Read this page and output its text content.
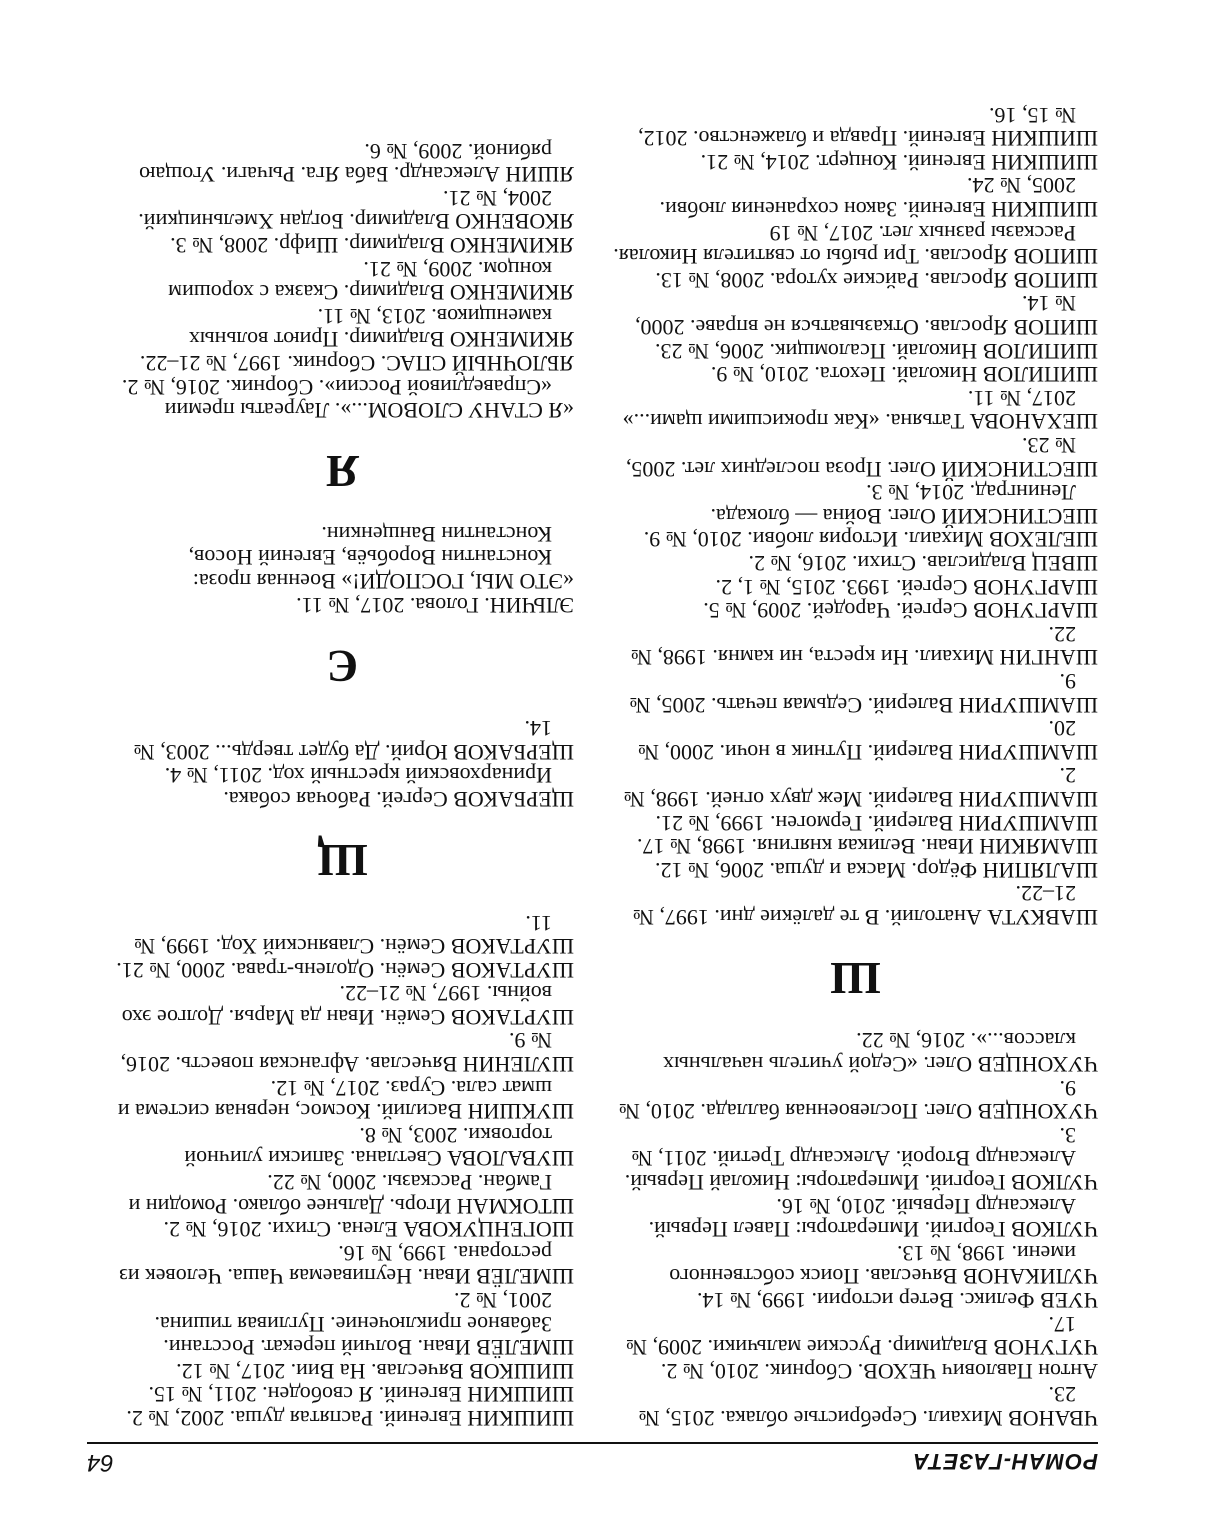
РОМАН-ГАЗЕТА
64

ЧВАНОВ Михаил. Серебристые облака. 2015, № 23.

Антон Павлович ЧЕХОВ. Сборник. 2010, № 2.

ЧУГУНОВ Владимир. Русские мальчики. 2009, № 17.

ЧУЕВ Феликс. Ветер истории. 1999, № 14.

ЧУЛИКАНОВ Вячеслав. Поиск собственного имени. 1998, № 13.

ЧУЛКОВ Георгий. Императоры: Павел Первый. Александр Первый. 2010, № 16.

ЧУЛКОВ Георгий. Императоры: Николай Первый. Александр Второй. Александр Третий. 2011, № 3.

ЧУХОНЦЕВ Олег. Послевоенная баллада. 2010, № 9.

ЧУХОНЦЕВ Олег. «Седой учитель начальных классов...». 2016, № 22.

Ш

ШАВКУТА Анатолий. В те далёкие дни. 1997, № 21–22.

ШАЛЯПИН Фёдор. Маска и душа. 2006, № 12.

ШАМЯКИН Иван. Великая княгиня. 1998, № 17.

ШАМШУРИН Валерий. Гермоген. 1999, № 21.

ШАМШУРИН Валерий. Меж двух огней. 1998, № 2.

ШАМШУРИН Валерий. Путник в ночи. 2000, № 20.

ШАМШУРИН Валерий. Седьмая печать. 2005, № 9.

ШАНГИН Михаил. Ни креста, ни камня. 1998, № 22.

ШАРГУНОВ Сергей. Чародей. 2009, № 5.

ШАРГУНОВ Сергей. 1993. 2015, № 1, 2.

ШВЕЦ Владислав. Стихи. 2016, № 2.

ШЕЛЕХОВ Михаил. История любви. 2010, № 9.

ШЕСТИНСКИЙ Олег. Война — блокада. Ленинград. 2014, № 3.

ШЕСТИНСКИЙ Олег. Проза последних лет. 2005, № 23.

ШЕХАНОВА Татьяна. «Как прокисшими щами...» 2017, № 11.

ШИПИЛОВ Николай. Пехота. 2010, № 9.

ШИПИЛОВ Николай. Псаломщик. 2006, № 23.

ШИПОВ Ярослав. Отказываться не вправе. 2000, № 14.

ШИПОВ Ярослав. Райские хутора. 2008, № 13.

ШИПОВ Ярослав. Три рыбы от святителя Николая. Рассказы разных лет. 2017, № 19

ШИШКИН Евгений. Закон сохранения любви. 2005, № 24.

ШИШКИН Евгений. Концерт. 2014, № 21.

ШИШКИН Евгений. Правда и блаженство. 2012, № 15, 16.

ШИШКИН Евгений. Распятая душа. 2002, № 2.

ШИШКИН Евгений. Я свободен. 2011, № 15.

ШИШКОВ Вячеслав. На Вии. 2017, № 12.

ШМЕЛЁВ Иван. Волчий перекат. Росстани. Забавное приключение. Пугливая тишина. 2001, № 2.

ШМЕЛЁВ Иван. Неупиваемая Чаша. Человек из ресторана. 1999, № 16.

ШОГЕНЦУКОВА Елена. Стихи. 2016, № 2.

ШТОКМАН Игорь. Дальнее облако. Ромодин и Гамбан. Рассказы. 2000, № 22.

ШУВАЛОВА Светлана. Записки уличной торговки. 2003, № 8.

ШУКШИН Василий. Космос, нервная система и шмат сала. Сураз. 2017, № 12.

ШУЛЕНИН Вячеслав. Афганская повесть. 2016, № 9.

ШУРТАКОВ Семён. Иван да Марья. Долгое эхо войны. 1997, № 21–22.

ШУРТАКОВ Семён. Одолень-трава. 2000, № 21.

ШУРТАКОВ Семён. Славянский Ход. 1999, № 11.

Щ

ЩЕРБАКОВ Сергей. Рабочая собака. Иринарховский крестный ход. 2011, № 4.

ЩЕРБАКОВ Юрий. Да будет твердь... 2003, № 14.

Є

ЭЛЬЧИН. Голова. 2017, № 11.

«ЭТО МЫ, ГОСПОДИ!» Военная проза: Константин Воробьёв, Евгений Носов, Константин Ванщенкин.

Я

«Я СТАНУ СЛОВОМ...». Лауреаты премии «Справедливой России». Сборник. 2016, № 2.

ЯБЛОЧНЫЙ СПАС. Сборник. 1997, № 21–22.

ЯКИМЕНКО Владимир. Приют вольных каменщиков. 2013, № 11.

ЯКИМЕНКО Владимир. Сказка с хорошим концом. 2009, № 21.

ЯКИМЕНКО Владимир. Шифр. 2008, № 3.

ЯКОВЕНКО Владимир. Богдан Хмельницкий. 2004, № 21.

ЯШИН Александр. Баба Яга. Рычаги. Угощаю рябиной. 2009, № 6.
